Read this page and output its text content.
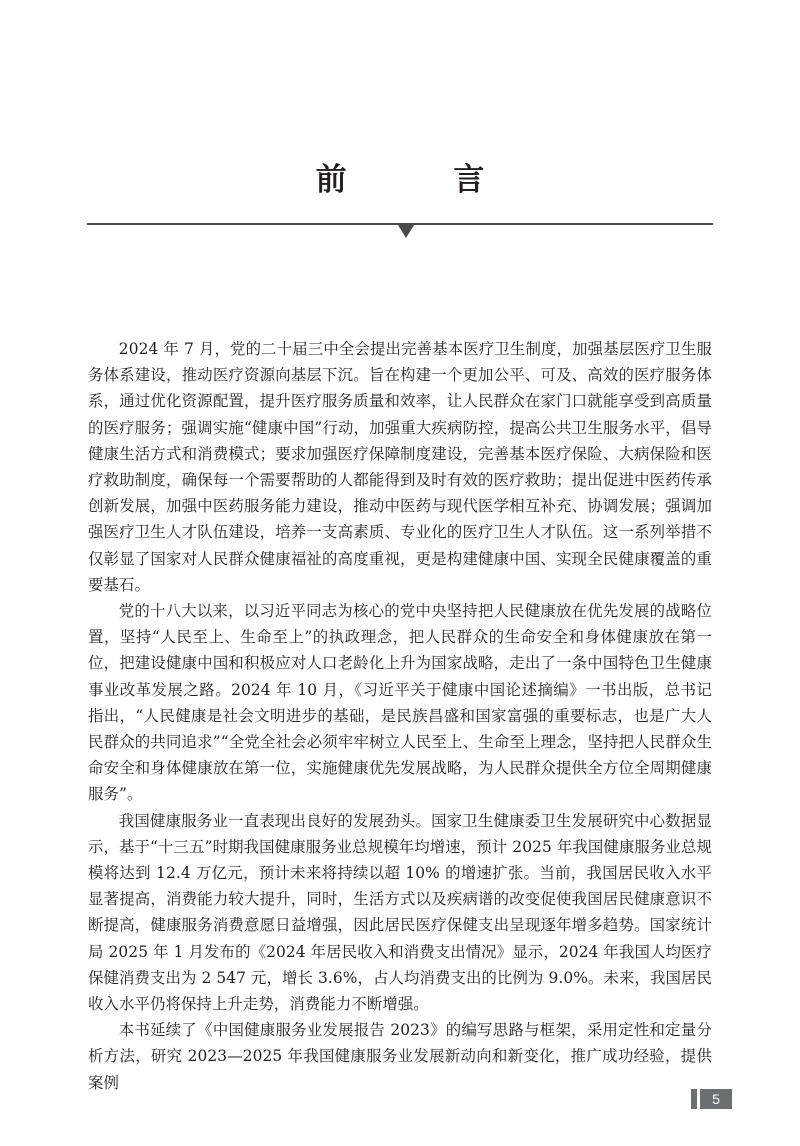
前 言

2024 年 7 月，党的二十届三中全会提出完善基本医疗卫生制度，加强基层医疗卫生服务体系建设，推动医疗资源向基层下沉。旨在构建一个更加公平、可及、高效的医疗服务体系，通过优化资源配置，提升医疗服务质量和效率，让人民群众在家门口就能享受到高质量的医疗服务；强调实施“健康中国”行动，加强重大疾病防控，提高公共卫生服务水平，倡导健康生活方式和消费模式；要求加强医疗保障制度建设，完善基本医疗保险、大病保险和医疗救助制度，确保每一个需要帮助的人都能得到及时有效的医疗救助；提出促进中医药传承创新发展，加强中医药服务能力建设，推动中医药与现代医学相互补充、协调发展；强调加强医疗卫生人才队伍建设，培养一支高素质、专业化的医疗卫生人才队伍。这一系列举措不仅彰显了国家对人民群众健康福祉的高度重视，更是构建健康中国、实现全民健康覆盖的重要基石。

党的十八大以来，以习近平同志为核心的党中央坚持把人民健康放在优先发展的战略位置，坚持“人民至上、生命至上”的执政理念，把人民群众的生命安全和身体健康放在第一位，把建设健康中国和积极应对人口老龄化上升为国家战略，走出了一条中国特色卫生健康事业改革发展之路。2024 年 10 月，《习近平关于健康中国论述摘编》一书出版，总书记指出，“人民健康是社会文明进步的基础，是民族昌盛和国家富强的重要标志，也是广大人民群众的共同追求”“全党全社会必须牢牢树立人民至上、生命至上理念，坚持把人民群众生命安全和身体健康放在第一位，实施健康优先发展战略，为人民群众提供全方位全周期健康服务”。

我国健康服务业一直表现出良好的发展劲头。国家卫生健康委卫生发展研究中心数据显示，基于“十三五”时期我国健康服务业总规模年均增速，预计 2025 年我国健康服务业总规模将达到 12.4 万亿元，预计未来将持续以超 10% 的增速扩张。当前，我国居民收入水平显著提高，消费能力较大提升，同时，生活方式以及疾病谱的改变促使我国居民健康意识不断提高，健康服务消费意愿日益增强，因此居民医疗保健支出呈现逐年增多趋势。国家统计局 2025 年 1 月发布的《2024 年居民收入和消费支出情况》显示，2024 年我国人均医疗保健消费支出为 2 547 元，增长 3.6%，占人均消费支出的比例为 9.0%。未来，我国居民收入水平仍将保持上升走势，消费能力不断增强。

本书延续了《中国健康服务业发展报告 2023》的编写思路与框架，采用定性和定量分析方法，研究 2023—2025 年我国健康服务业发展新动向和新变化，推广成功经验，提供案例

5
